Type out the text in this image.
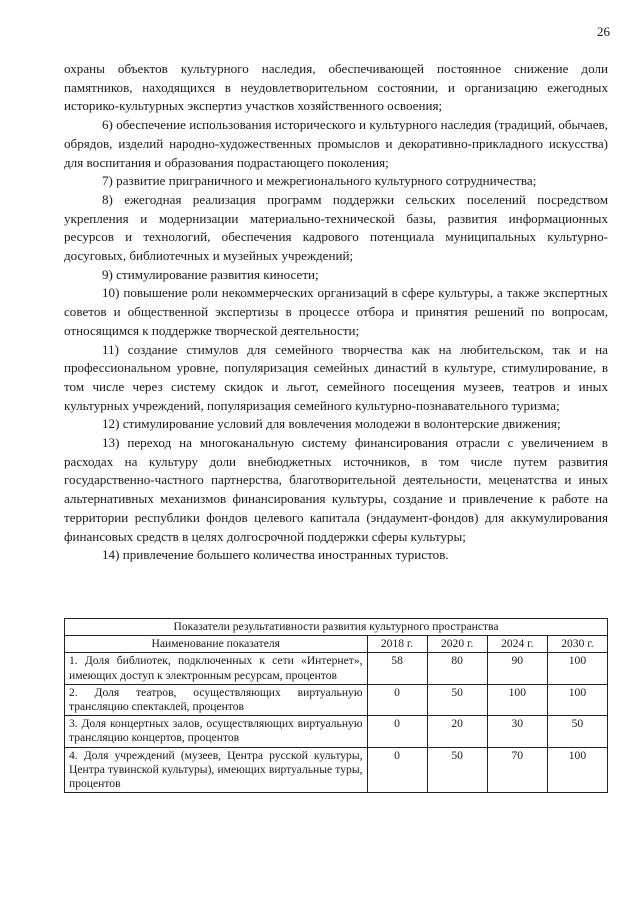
26

охраны объектов культурного наследия, обеспечивающей постоянное снижение доли памятников, находящихся в неудовлетворительном состоянии, и организацию ежегодных историко-культурных экспертиз участков хозяйственного освоения;

6) обеспечение использования исторического и культурного наследия (традиций, обычаев, обрядов, изделий народно-художественных промыслов и декоративно-прикладного искусства) для воспитания и образования подрастающего поколения;

7) развитие приграничного и межрегионального культурного сотрудничества;

8) ежегодная реализация программ поддержки сельских поселений посредством укрепления и модернизации материально-технической базы, развития информационных ресурсов и технологий, обеспечения кадрового потенциала муниципальных культурно-досуговых, библиотечных и музейных учреждений;

9) стимулирование развития киносети;

10) повышение роли некоммерческих организаций в сфере культуры, а также экспертных советов и общественной экспертизы в процессе отбора и принятия решений по вопросам, относящимся к поддержке творческой деятельности;

11) создание стимулов для семейного творчества как на любительском, так и на профессиональном уровне, популяризация семейных династий в культуре, стимулирование, в том числе через систему скидок и льгот, семейного посещения музеев, театров и иных культурных учреждений, популяризация семейного культурно-познавательного туризма;

12) стимулирование условий для вовлечения молодежи в волонтерские движения;

13) переход на многоканальную систему финансирования отрасли с увеличением в расходах на культуру доли внебюджетных источников, в том числе путем развития государственно-частного партнерства, благотворительной деятельности, меценатства и иных альтернативных механизмов финансирования культуры, создание и привлечение к работе на территории республики фондов целевого капитала (эндаумент-фондов) для аккумулирования финансовых средств в целях долгосрочной поддержки сферы культуры;

14) привлечение большего количества иностранных туристов.

Показатели результативности развития культурного пространства				
Наименование показателя	2018 г.	2020 г.	2024 г.	2030 г.
1. Доля библиотек, подключенных к сети «Интернет», имеющих доступ к электронным ресурсам, процентов	58	80	90	100
2. Доля театров, осуществляющих виртуальную трансляцию спектаклей, процентов	0	50	100	100
3. Доля концертных залов, осуществляющих виртуальную трансляцию концертов, процентов	0	20	30	50
4. Доля учреждений (музеев, Центра русской культуры, Центра тувинской культуры), имеющих виртуальные туры, процентов	0	50	70	100
